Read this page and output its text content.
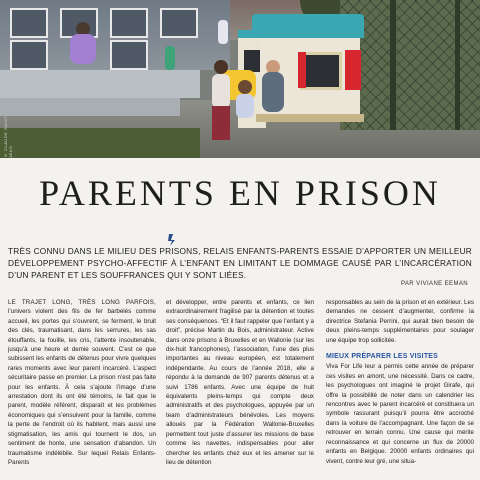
© CLAUDE SAINT-JEAN
PARENTS EN PRISON
TRÈS CONNU DANS LE MILIEU DES PRISONS, RELAIS ENFANTS-PARENTS ESSAIE D’APPORTER UN MEILLEUR DÉVELOPPEMENT PSYCHO-AFFECTIF À L’ENFANT EN LIMITANT LE DOMMAGE CAUSÉ PAR L’INCARCÉRATION D’UN PARENT ET LES SOUFFRANCES QUI Y SONT LIÉES.
PAR VIVIANE EEMAN

LE TRAJET LONG, TRÈS LONG PARFOIS, l’univers violent des fils de fer barbelés comme accueil, les portes qui s’ouvrent, se ferment, le bruit des clés, traumatisant, dans les serrures, les sas étouffants, la fouille, les cris, l’attente insoutenable, jusqu’à une heure et demie souvent. C’est ce que subissent les enfants de détenus pour vivre quelques rares moments avec leur parent incarcéré. L’aspect sécuritaire passe en premier. La prison n’est pas faite pour les enfants. À cela s’ajoute l’image d’une arrestation dont ils ont été témoins, le fait que le parent, modèle référent, disparaît et les problèmes économiques qui s’ensuivent pour la famille, comme la perte de l’endroit où ils habitent, mais aussi une stigmatisation, les amis qui tournent le dos, un sentiment de honte, une sensation d’abandon. Un traumatisme indélébile. Sur lequel Relais Enfants-Parents

et développer, entre parents et enfants, ce lien extraordinairement fragilisé par la détention et toutes ses conséquences. “Et il faut rappeler que l’enfant y a droit”, précise Martin du Bois, administrateur. Active dans onze prisons à Bruxelles et en Wallonie (sur les dix-huit francophones), l’association, l’une des plus importantes au niveau européen, est totalement indépendante. Au cours de l’année 2018, elle a répondu à la demande de 907 parents détenus et a suivi 1786 enfants. Avec une équipe de huit équivalents pleins-temps qui compte deux administratifs et des psychologues, appuyée par un team d’administrateurs bénévoles. Les moyens alloués par la Fédération Wallonie-Bruxelles permettent tout juste d’assurer les missions de base comme les navettes, indispensables pour aller chercher les enfants chez eux et les amener sur le lieu de détention

responsables au sein de la prison et en extérieur. Les demandes ne cessent d’augmenter, confirme la directrice Stefania Perrini, qui aurait bien besoin de deux pleins-temps supplémentaires pour soulager une équipe trop sollicitée.

MIEUX PRÉPARER LES VISITES

Viva For Life leur a permis cette année de préparer ces visites en amont, une nécessité. Dans ce cadre, les psychologues ont imaginé le projet Girafe, qui offre la possibilité de noter dans un calendrier les rencontres avec le parent incarcéré et constituera un symbole rassurant puisqu’il pourra être accroché dans la voiture de l’accompagnant. Une façon de se retrouver en terrain connu. Une cause qui mérite reconnaissance et qui concerne un flux de 20000 enfants en Belgique. 20000 enfants ordinaires qui vivent, contre leur gré, une situa-
